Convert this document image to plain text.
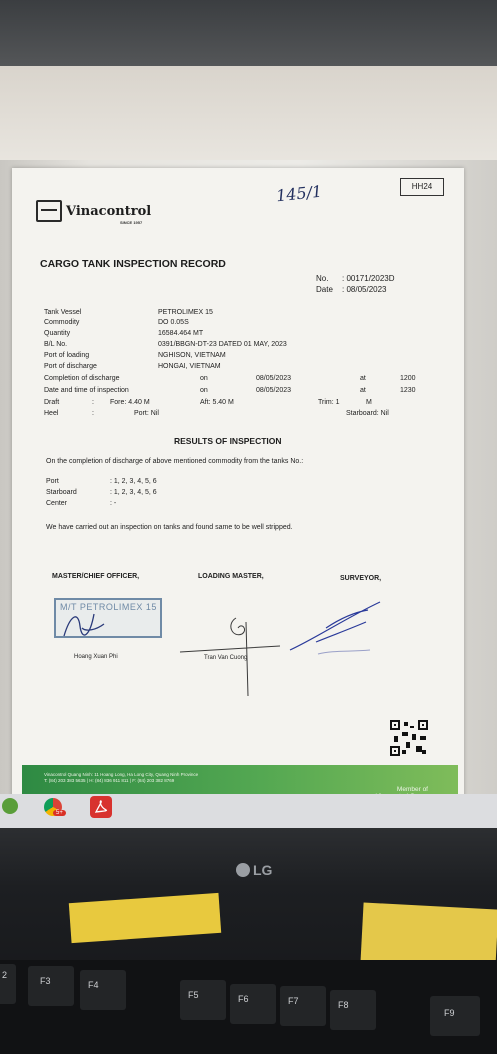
HH24
145/1
Vinacontrol
SINCE 1957
CARGO TANK INSPECTION RECORD
No. : 00171/2023D
Date : 08/05/2023
Tank Vessel	PETROLIMEX 15
Commodity	DO 0.05S
Quantity	16584.464 MT
B/L No.	0391/BBGN-DT-23 DATED 01 MAY, 2023
Port of loading	NGHISON, VIETNAM
Port of discharge	HONGAI, VIETNAM
Completion of discharge	on	08/05/2023	at	1200
Date and time of inspection	on	08/05/2023	at	1230
Draft	: Fore: 4.40 M	Aft: 5.40 M	Trim: 1	M
Heel	:	Port: Nil	Starboard: Nil
RESULTS OF INSPECTION
On the completion of discharge of above mentioned commodity from the tanks No.:
Port	: 1, 2, 3, 4, 5, 6
Starboard	: 1, 2, 3, 4, 5, 6
Center	: -
We have carried out an inspection on tanks and found same to be well stripped.
MASTER/CHIEF OFFICER,	LOADING MASTER,	SURVEYOR,
M/T PETROLIMEX 15
Hoang Xuan Phi	Tran Van Cuong
Vinacontrol Quang Ninh: 11 Hoang Long, Ha Long City, Quang Ninh Province
T: (84) 203 383 5635 | H: (84) 836 911 811 | F: (84) 203 382 8769
Member of
5+
LG
2
F3	F4
F5	F6	F7	F8
F9
